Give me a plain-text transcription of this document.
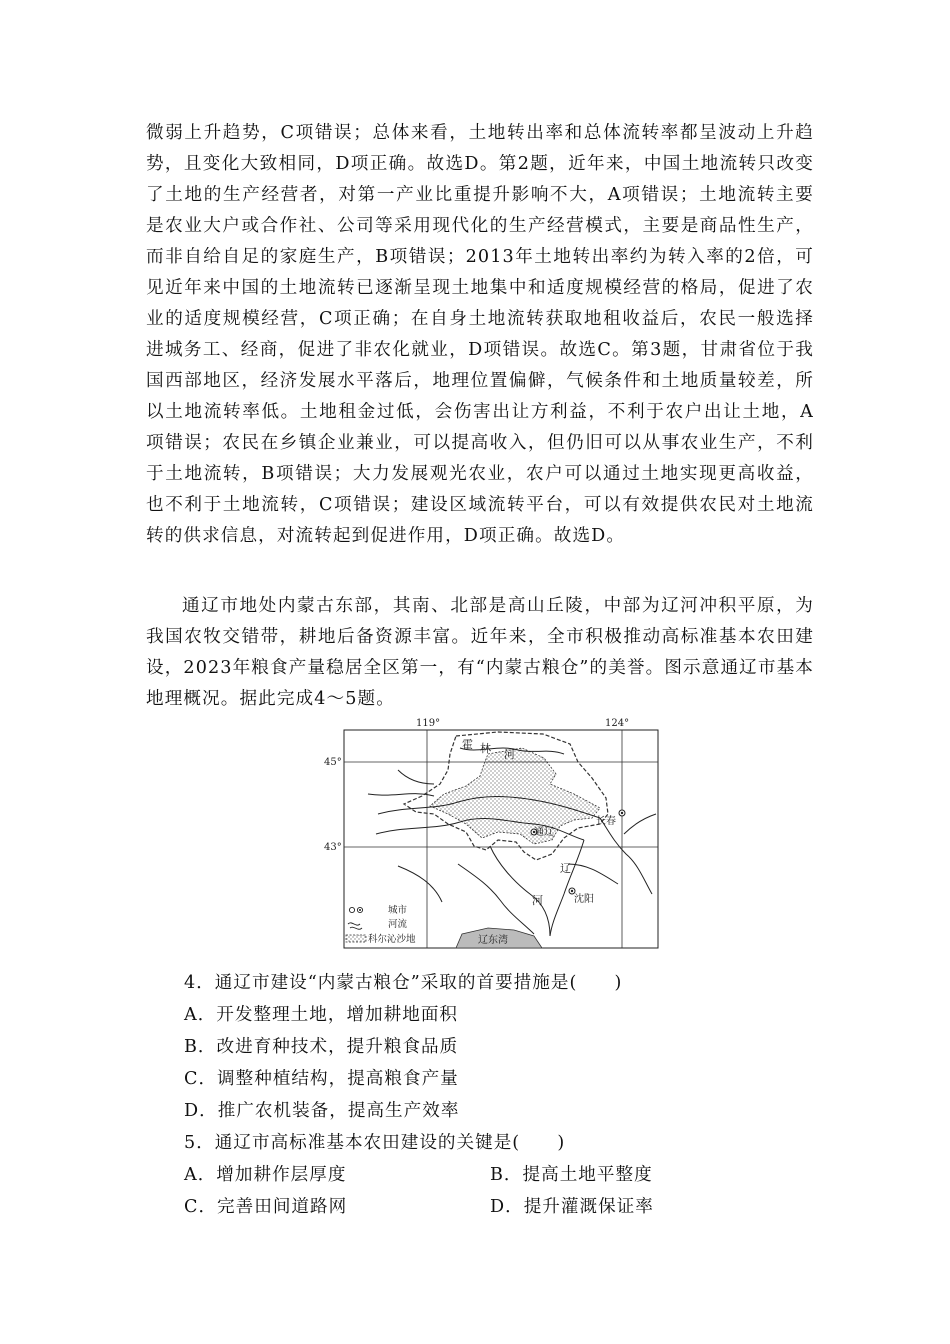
微弱上升趋势，C项错误；总体来看，土地转出率和总体流转率都呈波动上升趋势，且变化大致相同，D项正确。故选D。第2题，近年来，中国土地流转只改变了土地的生产经营者，对第一产业比重提升影响不大，A项错误；土地流转主要是农业大户或合作社、公司等采用现代化的生产经营模式，主要是商品性生产，而非自给自足的家庭生产，B项错误；2013年土地转出率约为转入率的2倍，可见近年来中国的土地流转已逐渐呈现土地集中和适度规模经营的格局，促进了农业的适度规模经营，C项正确；在自身土地流转获取地租收益后，农民一般选择进城务工、经商，促进了非农化就业，D项错误。故选C。第3题，甘肃省位于我国西部地区，经济发展水平落后，地理位置偏僻，气候条件和土地质量较差，所以土地流转率低。土地租金过低，会伤害出让方利益，不利于农户出让土地，A项错误；农民在乡镇企业兼业，可以提高收入，但仍旧可以从事农业生产，不利于土地流转，B项错误；大力发展观光农业，农户可以通过土地实现更高收益，也不利于土地流转，C项错误；建设区域流转平台，可以有效提供农民对土地流转的供求信息，对流转起到促进作用，D项正确。故选D。

通辽市地处内蒙古东部，其南、北部是高山丘陵，中部为辽河冲积平原，为我国农牧交错带，耕地后备资源丰富。近年来，全市积极推动高标准基本农田建设，2023年粮食产量稳居全区第一，有“内蒙古粮仓”的美誉。图示意通辽市基本地理概况。据此完成4～5题。

119°	124°
45°
43°
霍 林 河
通辽
长春
沈阳
辽
河
辽东湾
城市
河流
科尔沁沙地

4．通辽市建设“内蒙古粮仓”采取的首要措施是(　　)

A．开发整理土地，增加耕地面积

B．改进育种技术，提升粮食品质

C．调整种植结构，提高粮食产量

D．推广农机装备，提高生产效率

5．通辽市高标准基本农田建设的关键是(　　)

A．增加耕作层厚度	B．提高土地平整度

C．完善田间道路网	D．提升灌溉保证率
